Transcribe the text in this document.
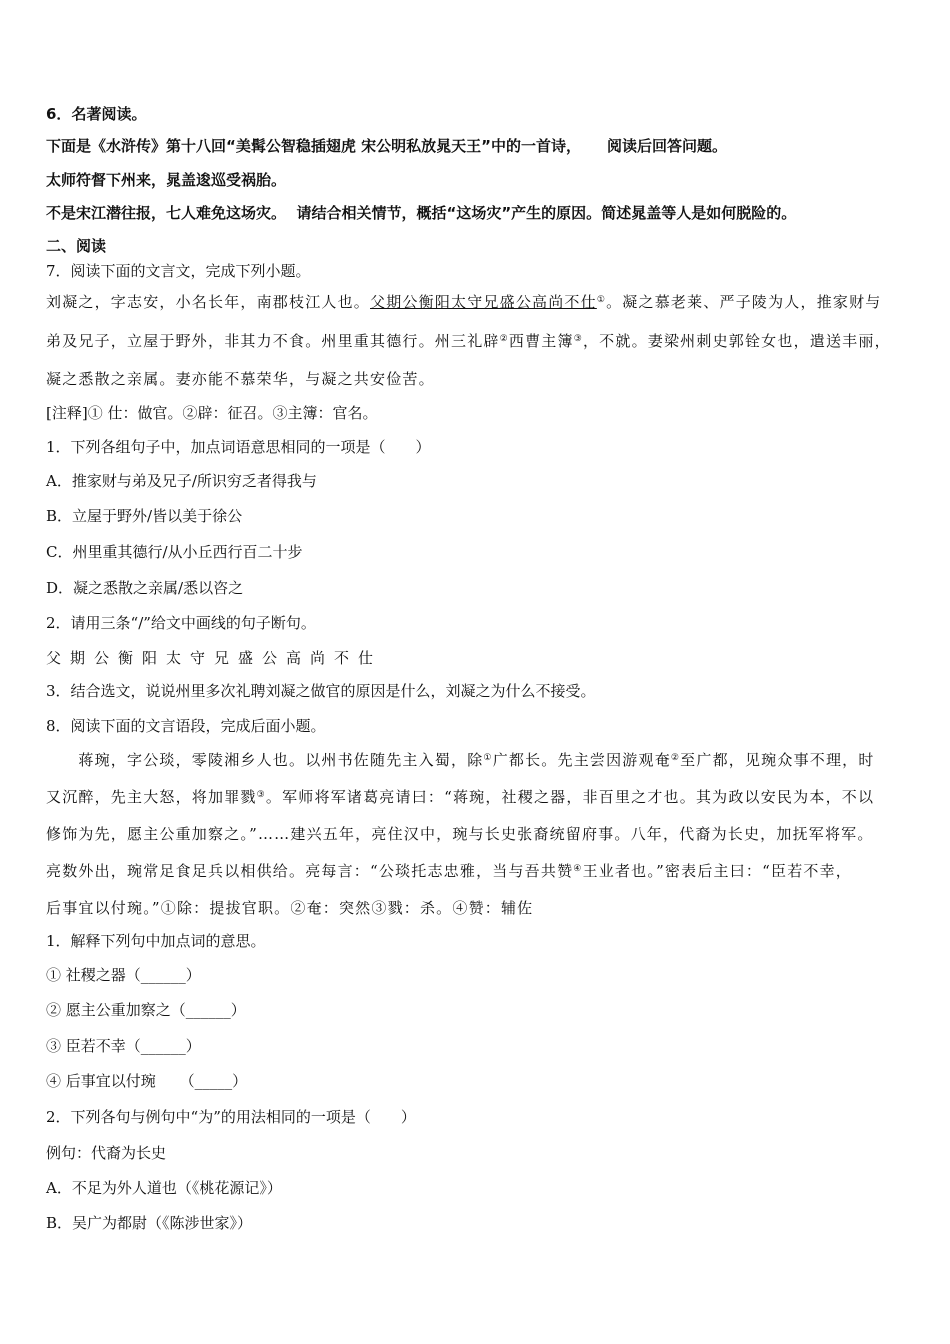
6．名著阅读。
下面是《水浒传》第十八回“美髯公智稳插翅虎 宋公明私放晁天王”中的一首诗， 阅读后回答问题。
太师符督下州来，晁盖逡巡受祸胎。
不是宋江潜往报，七人难免这场灾。 请结合相关情节，概括“这场灾”产生的原因。简述晁盖等人是如何脱险的。
二、阅读
7．阅读下面的文言文，完成下列小题。
刘凝之，字志安，小名长年，南郡枝江人也。父期公衡阳太守兄盛公高尚不仕①。凝之慕老莱、严子陵为人，推家财与
弟及兄子，立屋于野外，非其力不食。州里重其德行。州三礼辟②西曹主簿③，不就。妻梁州刺史郭铨女也，遣送丰丽，
凝之悉散之亲属。妻亦能不慕荣华，与凝之共安俭苦。
[注释]① 仕：做官。②辟：征召。③主簿：官名。
1．下列各组句子中，加点词语意思相同的一项是（　　）
A．推家财与弟及兄子/所识穷乏者得我与
B．立屋于野外/皆以美于徐公
C．州里重其德行/从小丘西行百二十步
D．凝之悉散之亲属/悉以咨之
2．请用三条“/”给文中画线的句子断句。
父期公衡阳太守兄盛公高尚不仕
3．结合选文，说说州里多次礼聘刘凝之做官的原因是什么，刘凝之为什么不接受。
8．阅读下面的文言语段，完成后面小题。
　　蒋琬，字公琰，零陵湘乡人也。以州书佐随先主入蜀，除①广都长。先主尝因游观奄②至广都，见琬众事不理，时
又沉醉，先主大怒，将加罪戮③。军师将军诸葛亮请曰：“蒋琬，社稷之器，非百里之才也。其为政以安民为本，不以
修饰为先，愿主公重加察之。”……建兴五年，亮住汉中，琬与长史张裔统留府事。八年，代裔为长史，加抚军将军。
亮数外出，琬常足食足兵以相供给。亮每言：“公琰托志忠雅，当与吾共赞④王业者也。”密表后主曰：“臣若不幸，
后事宜以付琬。”①除：提拔官职。②奄：突然③戮：杀。④赞：辅佐
1．解释下列句中加点词的意思。
① 社稷之器（______）
② 愿主公重加察之（______）
③ 臣若不幸（______）
④ 后事宜以付琬 （_____）
2．下列各句与例句中“为”的用法相同的一项是（　　）
例句：代裔为长史
A．不足为外人道也（《桃花源记》）
B．吴广为都尉（《陈涉世家》）
